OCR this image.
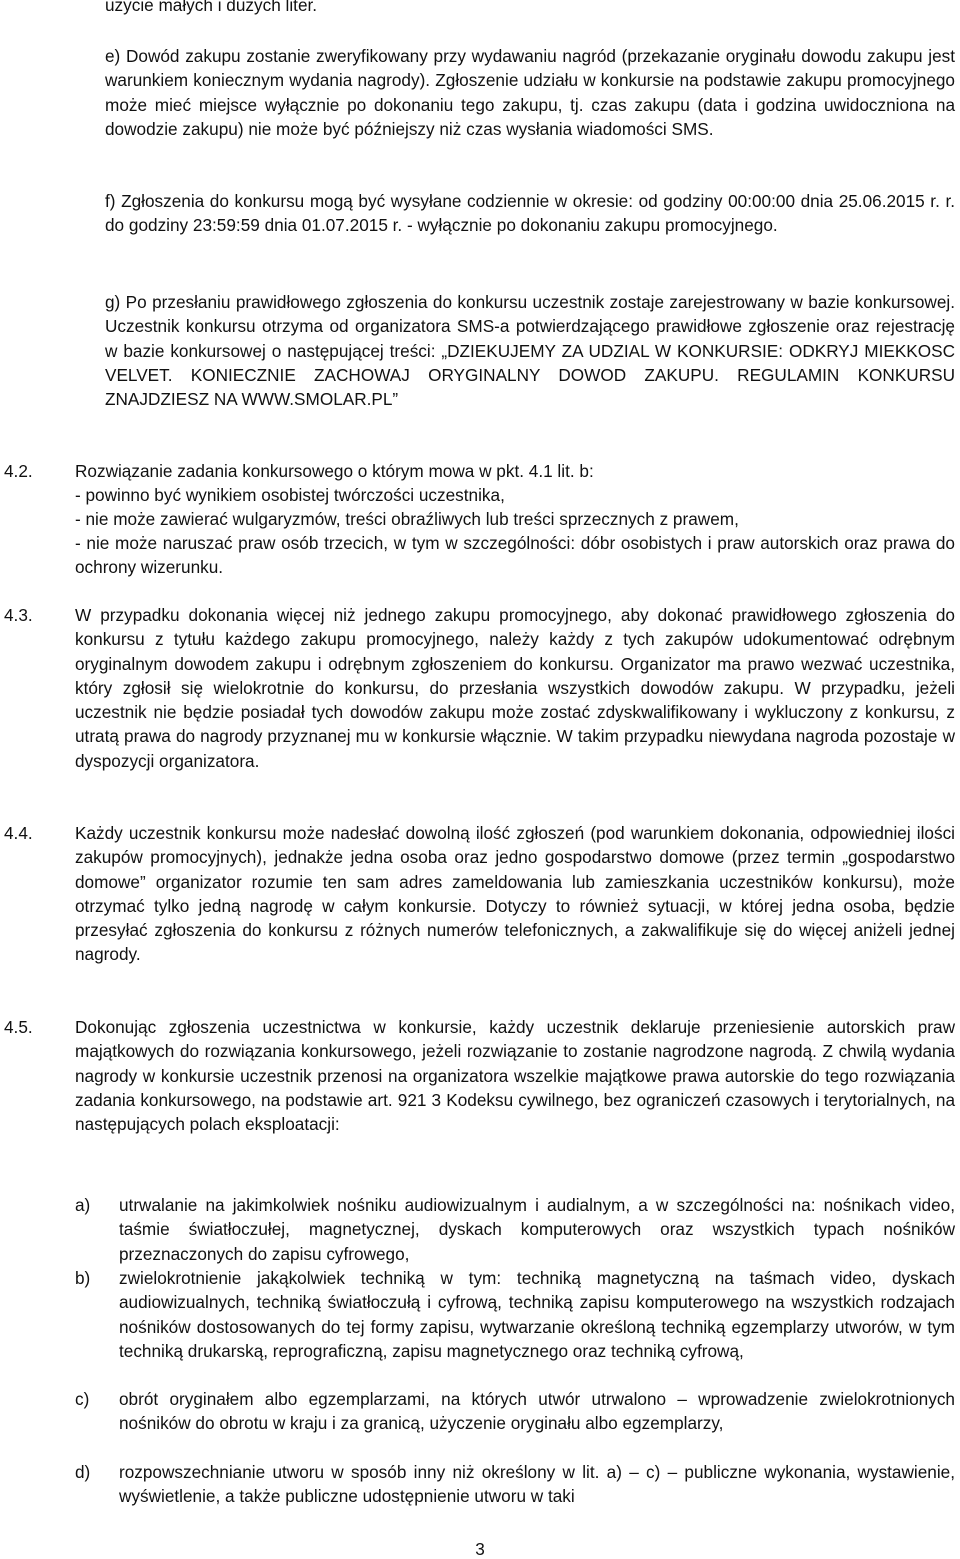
użycie małych i dużych liter.

e) Dowód zakupu zostanie zweryfikowany przy wydawaniu nagród (przekazanie oryginału dowodu zakupu jest warunkiem koniecznym wydania nagrody). Zgłoszenie udziału w konkursie na podstawie zakupu promocyjnego może mieć miejsce wyłącznie po dokonaniu tego zakupu, tj. czas zakupu (data i godzina uwidoczniona na dowodzie zakupu) nie może być późniejszy niż czas wysłania wiadomości SMS.

f) Zgłoszenia do konkursu mogą być wysyłane codziennie w okresie: od godziny 00:00:00 dnia 25.06.2015 r. r. do godziny 23:59:59 dnia 01.07.2015 r. - wyłącznie po dokonaniu zakupu promocyjnego.

g) Po przesłaniu prawidłowego zgłoszenia do konkursu uczestnik zostaje zarejestrowany w bazie konkursowej. Uczestnik konkursu otrzyma od organizatora SMS-a potwierdzającego prawidłowe zgłoszenie oraz rejestrację w bazie konkursowej o następującej treści: „DZIEKUJEMY ZA UDZIAL W KONKURSIE: ODKRYJ MIEKKOSC VELVET. KONIECZNIE ZACHOWAJ ORYGINALNY DOWOD ZAKUPU. REGULAMIN KONKURSU ZNAJDZIESZ NA WWW.SMOLAR.PL”

4.2. Rozwiązanie zadania konkursowego o którym mowa w pkt. 4.1 lit. b:

- powinno być wynikiem osobistej twórczości uczestnika,

- nie może zawierać wulgaryzmów, treści obraźliwych lub treści sprzecznych z prawem,

- nie może naruszać praw osób trzecich, w tym w szczególności: dóbr osobistych i praw autorskich oraz prawa do ochrony wizerunku.

4.3. W przypadku dokonania więcej niż jednego zakupu promocyjnego, aby dokonać prawidłowego zgłoszenia do konkursu z tytułu każdego zakupu promocyjnego, należy każdy z tych zakupów udokumentować odrębnym oryginalnym dowodem zakupu i odrębnym zgłoszeniem do konkursu. Organizator ma prawo wezwać uczestnika, który zgłosił się wielokrotnie do konkursu, do przesłania wszystkich dowodów zakupu. W przypadku, jeżeli uczestnik nie będzie posiadał tych dowodów zakupu może zostać zdyskwalifikowany i wykluczony z konkursu, z utratą prawa do nagrody przyznanej mu w konkursie włącznie. W takim przypadku niewydana nagroda pozostaje w dyspozycji organizatora.

4.4. Każdy uczestnik konkursu może nadesłać dowolną ilość zgłoszeń (pod warunkiem dokonania, odpowiedniej ilości zakupów promocyjnych), jednakże jedna osoba oraz jedno gospodarstwo domowe (przez termin „gospodarstwo domowe” organizator rozumie ten sam adres zameldowania lub zamieszkania uczestników konkursu), może otrzymać tylko jedną nagrodę w całym konkursie. Dotyczy to również sytuacji, w której jedna osoba, będzie przesyłać zgłoszenia do konkursu z różnych numerów telefonicznych, a zakwalifikuje się do więcej aniżeli jednej nagrody.

4.5. Dokonując zgłoszenia uczestnictwa w konkursie, każdy uczestnik deklaruje przeniesienie autorskich praw majątkowych do rozwiązania konkursowego, jeżeli rozwiązanie to zostanie nagrodzone nagrodą. Z chwilą wydania nagrody w konkursie uczestnik przenosi na organizatora wszelkie majątkowe prawa autorskie do tego rozwiązania zadania konkursowego, na podstawie art. 921 3 Kodeksu cywilnego, bez ograniczeń czasowych i terytorialnych, na następujących polach eksploatacji:

a) utrwalanie na jakimkolwiek nośniku audiowizualnym i audialnym, a w szczególności na: nośnikach video, taśmie światłoczułej, magnetycznej, dyskach komputerowych oraz wszystkich typach nośników przeznaczonych do zapisu cyfrowego,

b) zwielokrotnienie jakąkolwiek techniką w tym: techniką magnetyczną na taśmach video, dyskach audiowizualnych, techniką światłoczułą i cyfrową, techniką zapisu komputerowego na wszystkich rodzajach nośników dostosowanych do tej formy zapisu, wytwarzanie określoną techniką egzemplarzy utworów, w tym techniką drukarską, reprograficzną, zapisu magnetycznego oraz techniką cyfrową,

c) obrót oryginałem albo egzemplarzami, na których utwór utrwalono – wprowadzenie zwielokrotnionych nośników do obrotu w kraju i za granicą, użyczenie oryginału albo egzemplarzy,

d) rozpowszechnianie utworu w sposób inny niż określony w lit. a) – c) – publiczne wykonania, wystawienie, wyświetlenie, a także publiczne udostępnienie utworu w taki

3
